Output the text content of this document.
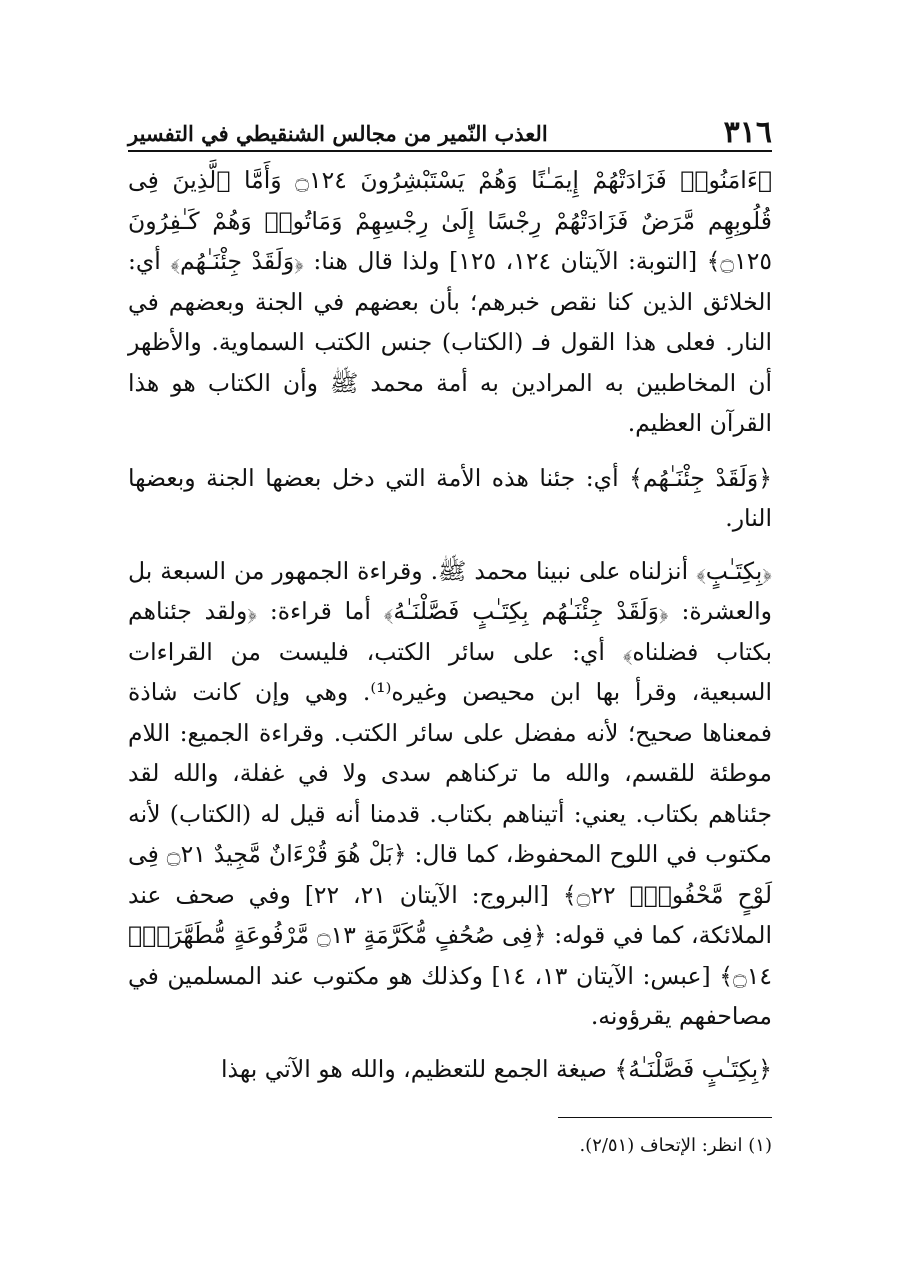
٣١٦
العذب النّمير من مجالس الشنقيطي في التفسير

﴿ءَامَنُوا۟ فَزَادَتْهُمْ إِيمَـٰنًا وَهُمْ يَسْتَبْشِرُونَ ۝١٢٤ وَأَمَّا ٱلَّذِينَ فِى قُلُوبِهِم مَّرَضٌ فَزَادَتْهُمْ رِجْسًا إِلَىٰ رِجْسِهِمْ وَمَاتُوا۟ وَهُمْ كَـٰفِرُونَ ۝١٢٥﴾ [التوبة: الآيتان ١٢٤، ١٢٥] ولذا قال هنا: ﴿وَلَقَدْ جِئْنَـٰهُم﴾ أي: الخلائق الذين كنا نقص خبرهم؛ بأن بعضهم في الجنة وبعضهم في النار. فعلى هذا القول فـ (الكتاب) جنس الكتب السماوية. والأظهر أن المخاطبين به المرادين به أمة محمد ﷺ وأن الكتاب هو هذا القرآن العظيم.

﴿وَلَقَدْ جِئْنَـٰهُم﴾ أي: جئنا هذه الأمة التي دخل بعضها الجنة وبعضها النار.

﴿بِكِتَـٰبٍ﴾ أنزلناه على نبينا محمد ﷺ. وقراءة الجمهور من السبعة بل والعشرة: ﴿وَلَقَدْ جِئْنَـٰهُم بِكِتَـٰبٍ فَصَّلْنَـٰهُ﴾ أما قراءة: ﴿ولقد جئناهم بكتاب فضلناه﴾ أي: على سائر الكتب، فليست من القراءات السبعية، وقرأ بها ابن محيصن وغيره⁽¹⁾. وهي وإن كانت شاذة فمعناها صحيح؛ لأنه مفضل على سائر الكتب. وقراءة الجميع: اللام موطئة للقسم، والله ما تركناهم سدى ولا في غفلة، والله لقد جئناهم بكتاب. يعني: أتيناهم بكتاب. قدمنا أنه قيل له (الكتاب) لأنه مكتوب في اللوح المحفوظ، كما قال: ﴿بَلْ هُوَ قُرْءَانٌ مَّجِيدٌ ۝٢١ فِى لَوْحٍ مَّحْفُوظٍۭ ۝٢٢﴾ [البروج: الآيتان ٢١، ٢٢] وفي صحف عند الملائكة، كما في قوله: ﴿فِى صُحُفٍ مُّكَرَّمَةٍ ۝١٣ مَّرْفُوعَةٍ مُّطَهَّرَةٍۭ ۝١٤﴾ [عبس: الآيتان ١٣، ١٤] وكذلك هو مكتوب عند المسلمين في مصاحفهم يقرؤونه.

﴿بِكِتَـٰبٍ فَصَّلْنَـٰهُ﴾ صيغة الجمع للتعظيم، والله هو الآتي بهذا

(١) انظر: الإتحاف (٢/٥١).
